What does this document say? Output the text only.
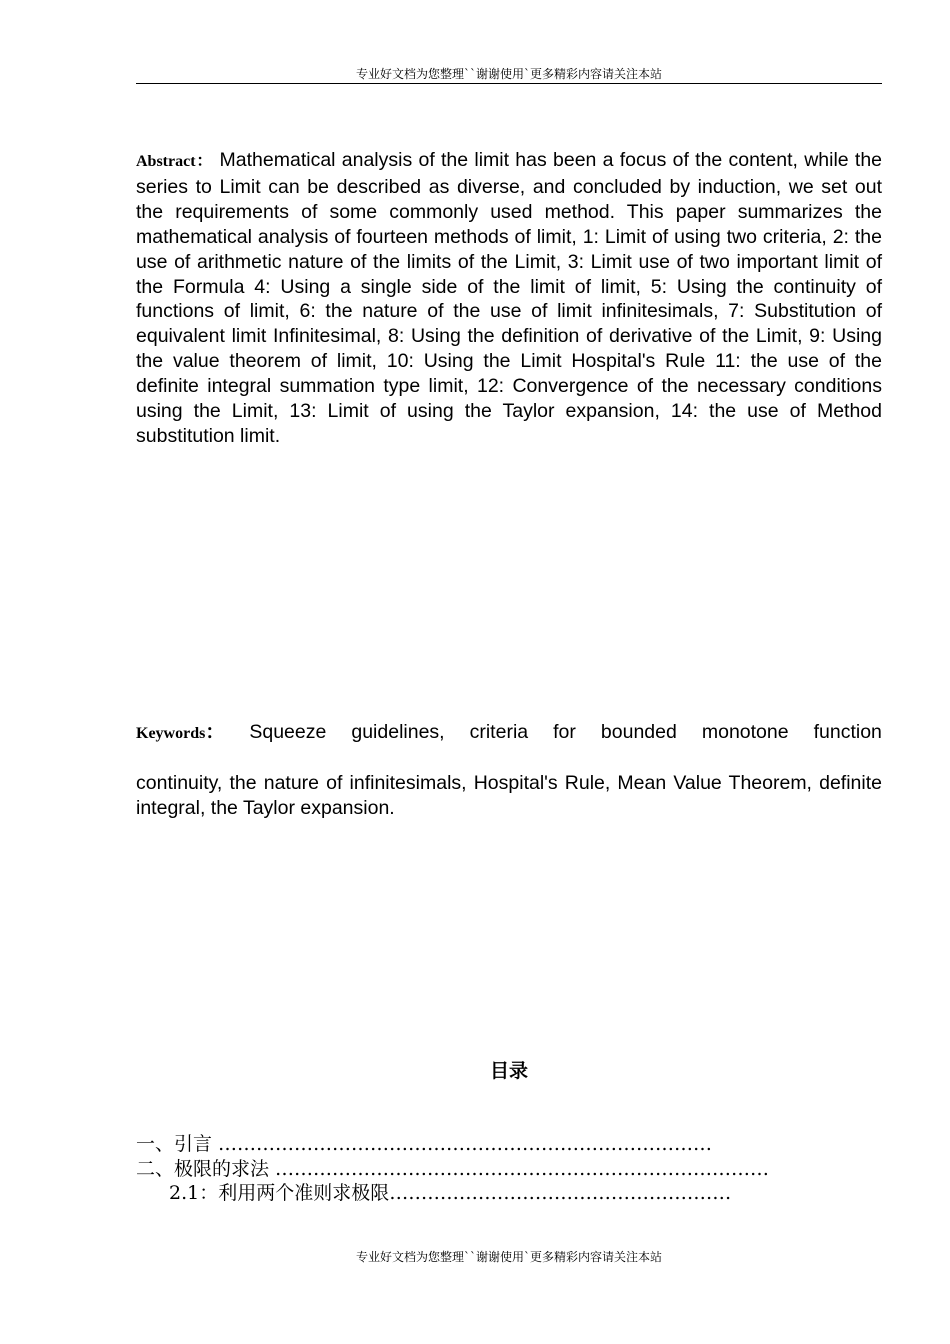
专业好文档为您整理``谢谢使用`更多精彩内容请关注本站
Abstract： Mathematical analysis of the limit has been a focus of the content, while the series to Limit can be described as diverse, and concluded by induction, we set out the requirements of some commonly used method. This paper summarizes the mathematical analysis of fourteen methods of limit, 1: Limit of using two criteria, 2: the use of arithmetic nature of the limits of the Limit, 3: Limit use of two important limit of the Formula 4: Using a single side of the limit of limit, 5: Using the continuity of functions of limit, 6: the nature of the use of limit infinitesimals, 7: Substitution of equivalent limit Infinitesimal, 8: Using the definition of derivative of the Limit, 9: Using the value theorem of limit, 10: Using the Limit Hospital's Rule 11: the use of the definite integral summation type limit, 12: Convergence of the necessary conditions using the Limit, 13: Limit of using the Taylor expansion, 14: the use of Method substitution limit.
Keywords： Squeeze guidelines, criteria for bounded monotone function
continuity, the nature of infinitesimals, Hospital's Rule, Mean Value Theorem, definite integral, the Taylor expansion.
目录
一、引言 ……………………………………………………………………
二、极限的求法 ……………………………………………………………………
2.1：利用两个准则求极限………………………………………………
专业好文档为您整理``谢谢使用`更多精彩内容请关注本站
